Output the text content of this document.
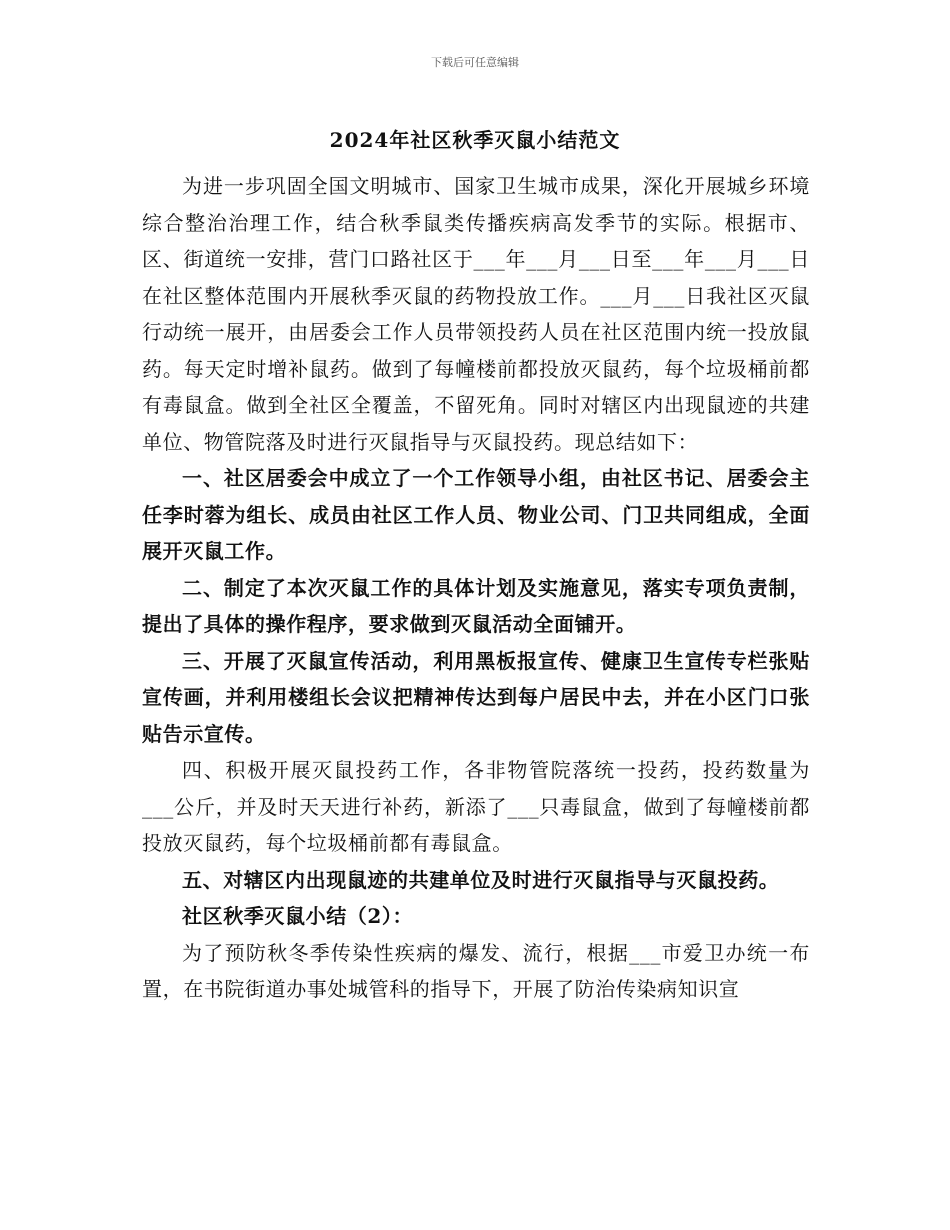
下载后可任意编辑
2024年社区秋季灭鼠小结范文

为进一步巩固全国文明城市、国家卫生城市成果，深化开展城乡环境综合整治治理工作，结合秋季鼠类传播疾病高发季节的实际。根据市、区、街道统一安排，营门口路社区于___年___月___日至___年___月___日在社区整体范围内开展秋季灭鼠的药物投放工作。___月___日我社区灭鼠行动统一展开，由居委会工作人员带领投药人员在社区范围内统一投放鼠药。每天定时增补鼠药。做到了每幢楼前都投放灭鼠药，每个垃圾桶前都有毒鼠盒。做到全社区全覆盖，不留死角。同时对辖区内出现鼠迹的共建单位、物管院落及时进行灭鼠指导与灭鼠投药。现总结如下：

一、社区居委会中成立了一个工作领导小组，由社区书记、居委会主任李时蓉为组长、成员由社区工作人员、物业公司、门卫共同组成，全面展开灭鼠工作。

二、制定了本次灭鼠工作的具体计划及实施意见，落实专项负责制，提出了具体的操作程序，要求做到灭鼠活动全面铺开。

三、开展了灭鼠宣传活动，利用黑板报宣传、健康卫生宣传专栏张贴宣传画，并利用楼组长会议把精神传达到每户居民中去，并在小区门口张贴告示宣传。

四、积极开展灭鼠投药工作，各非物管院落统一投药，投药数量为___公斤，并及时天天进行补药，新添了___只毒鼠盒，做到了每幢楼前都投放灭鼠药，每个垃圾桶前都有毒鼠盒。

五、对辖区内出现鼠迹的共建单位及时进行灭鼠指导与灭鼠投药。

社区秋季灭鼠小结（2）：

为了预防秋冬季传染性疾病的爆发、流行，根据___市爱卫办统一布置，在书院街道办事处城管科的指导下，开展了防治传染病知识宣
